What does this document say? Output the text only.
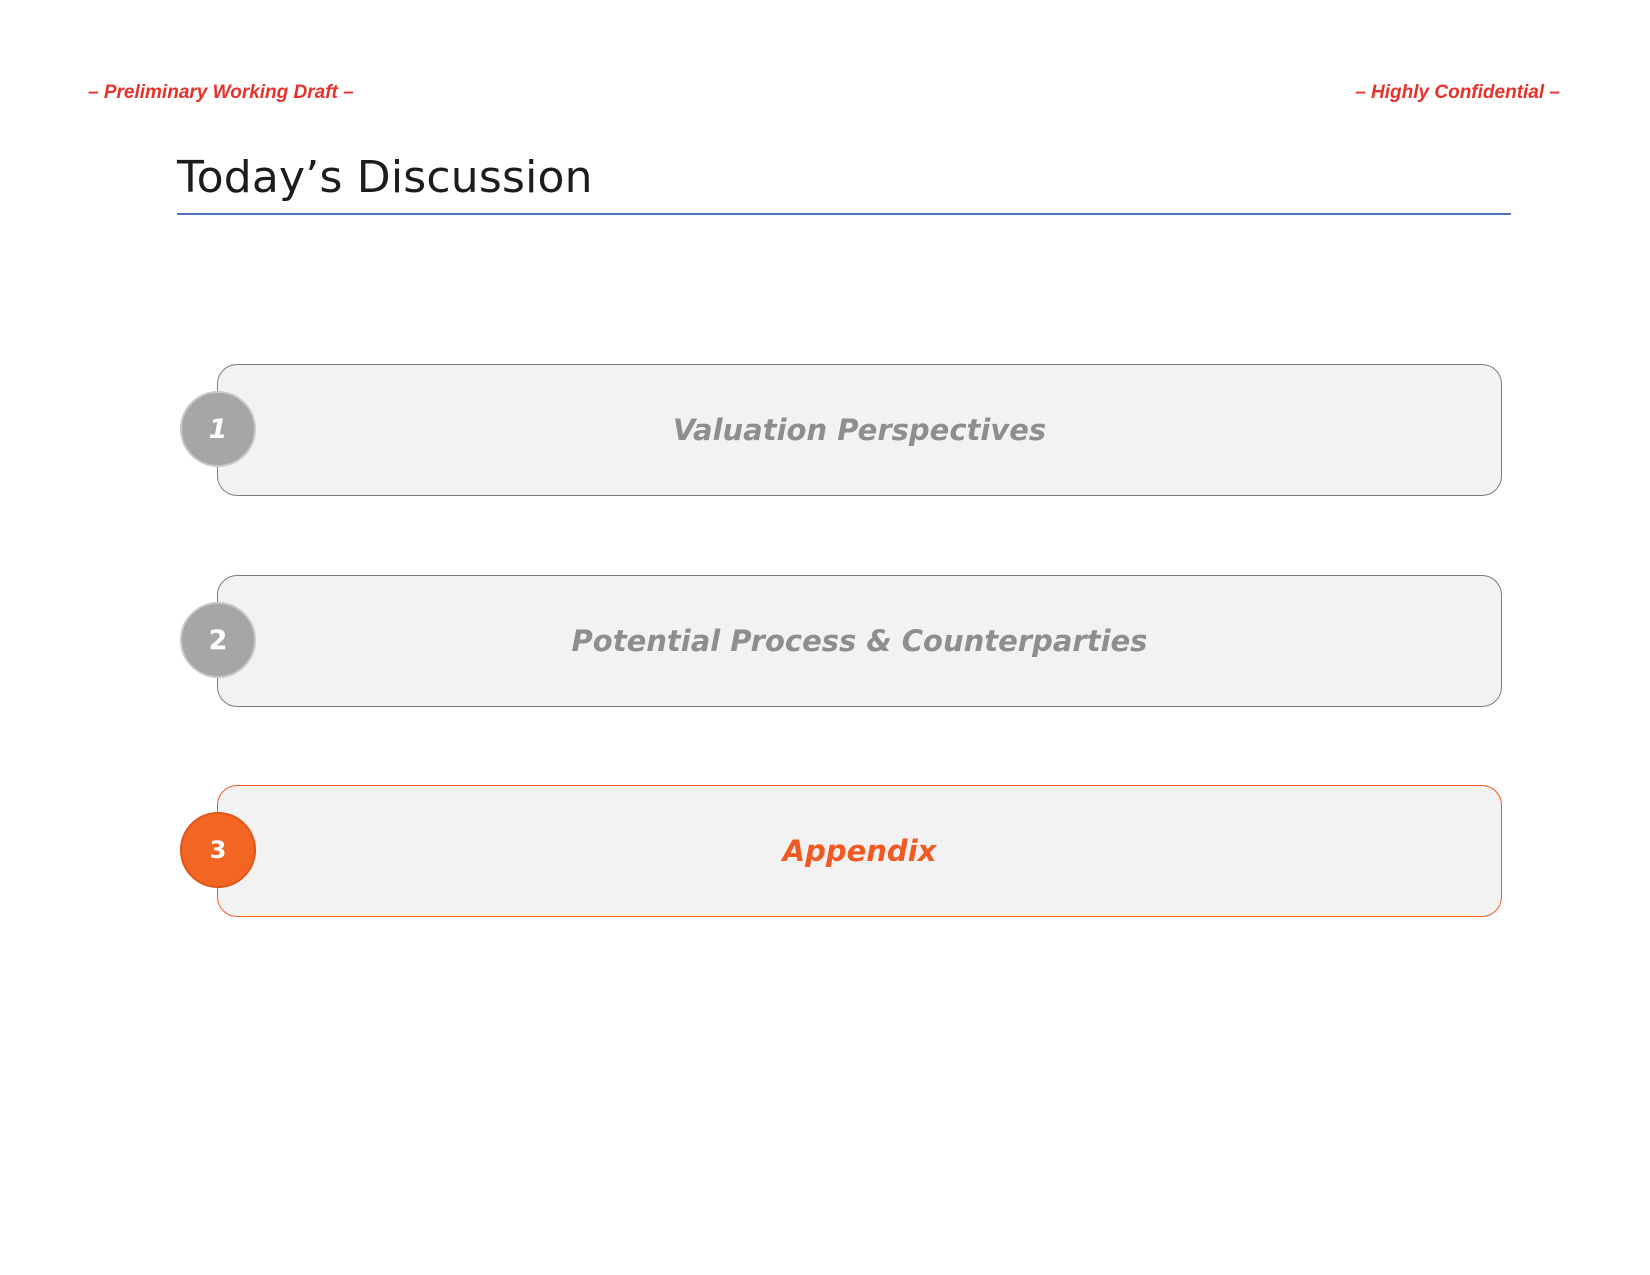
– Preliminary Working Draft –	– Highly Confidential –
Today’s Discussion
Valuation Perspectives
1
Potential Process & Counterparties
2
Appendix
3
